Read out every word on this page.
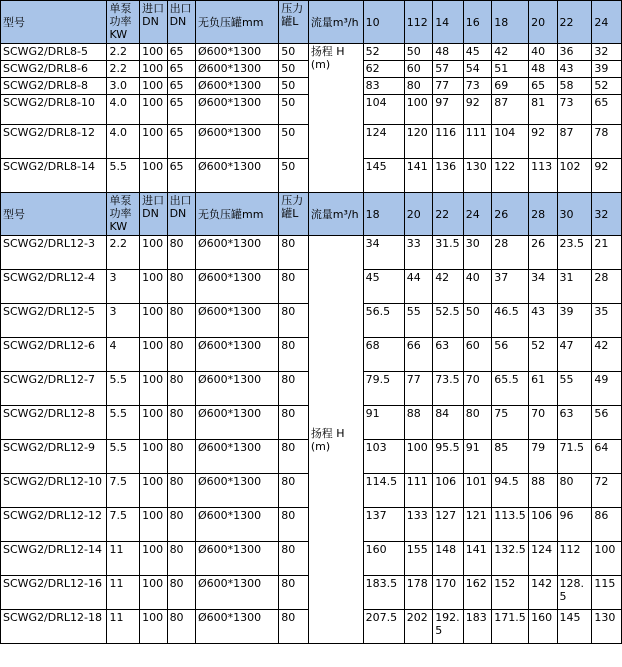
型号	单泵功率KW	进口DN	出口DN	无负压罐mm	压力罐L	流量m³/h	10	112	14	16	18	20	22	24
SCWG2/DRL8-5	2.2	100	65	Ø600*1300	50	扬程 H (m)	52	50	48	45	42	40	36	32
SCWG2/DRL8-6	2.2	100	65	Ø600*1300	50		62	60	57	54	51	48	43	39
SCWG2/DRL8-8	3.0	100	65	Ø600*1300	50		83	80	77	73	69	65	58	52
SCWG2/DRL8-10	4.0	100	65	Ø600*1300	50		104	100	97	92	87	81	73	65
SCWG2/DRL8-12	4.0	100	65	Ø600*1300	50		124	120	116	111	104	92	87	78
SCWG2/DRL8-14	5.5	100	65	Ø600*1300	50		145	141	136	130	122	113	102	92
型号	单泵功率KW	进口DN	出口DN	无负压罐mm	压力罐L	流量m³/h	18	20	22	24	26	28	30	32
SCWG2/DRL12-3	2.2	100	80	Ø600*1300	80	扬程 H (m)	34	33	31.5	30	28	26	23.5	21
SCWG2/DRL12-4	3	100	80	Ø600*1300	80		45	44	42	40	37	34	31	28
SCWG2/DRL12-5	3	100	80	Ø600*1300	80		56.5	55	52.5	50	46.5	43	39	35
SCWG2/DRL12-6	4	100	80	Ø600*1300	80		68	66	63	60	56	52	47	42
SCWG2/DRL12-7	5.5	100	80	Ø600*1300	80		79.5	77	73.5	70	65.5	61	55	49
SCWG2/DRL12-8	5.5	100	80	Ø600*1300	80		91	88	84	80	75	70	63	56
SCWG2/DRL12-9	5.5	100	80	Ø600*1300	80		103	100	95.5	91	85	79	71.5	64
SCWG2/DRL12-10	7.5	100	80	Ø600*1300	80		114.5	111	106	101	94.5	88	80	72
SCWG2/DRL12-12	7.5	100	80	Ø600*1300	80		137	133	127	121	113.5	106	96	86
SCWG2/DRL12-14	11	100	80	Ø600*1300	80		160	155	148	141	132.5	124	112	100
SCWG2/DRL12-16	11	100	80	Ø600*1300	80		183.5	178	170	162	152	142	128.5	115
SCWG2/DRL12-18	11	100	80	Ø600*1300	80		207.5	202	192.5	183	171.5	160	145	130
